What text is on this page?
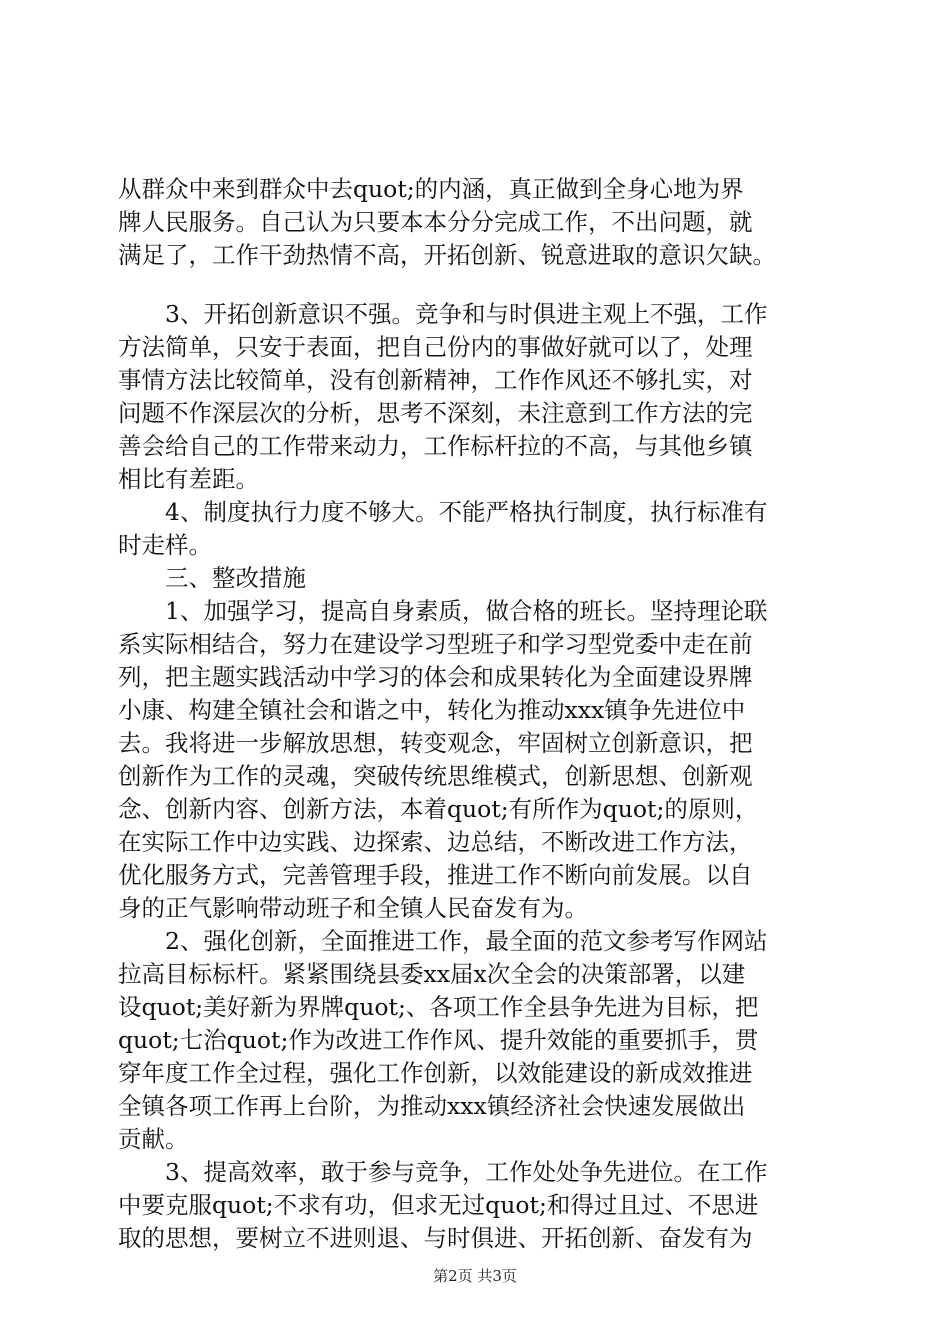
从群众中来到群众中去quot;的内涵，真正做到全身心地为界
牌人民服务。自己认为只要本本分分完成工作，不出问题，就
满足了，工作干劲热情不高，开拓创新、锐意进取的意识欠缺。
3、开拓创新意识不强。竞争和与时俱进主观上不强，工作
方法简单，只安于表面，把自己份内的事做好就可以了，处理
事情方法比较简单，没有创新精神，工作作风还不够扎实，对
问题不作深层次的分析，思考不深刻，未注意到工作方法的完
善会给自己的工作带来动力，工作标杆拉的不高，与其他乡镇
相比有差距。
4、制度执行力度不够大。不能严格执行制度，执行标准有
时走样。
三、整改措施
1、加强学习，提高自身素质，做合格的班长。坚持理论联
系实际相结合，努力在建设学习型班子和学习型党委中走在前
列，把主题实践活动中学习的体会和成果转化为全面建设界牌
小康、构建全镇社会和谐之中，转化为推动xxx镇争先进位中
去。我将进一步解放思想，转变观念，牢固树立创新意识，把
创新作为工作的灵魂，突破传统思维模式，创新思想、创新观
念、创新内容、创新方法，本着quot;有所作为quot;的原则，
在实际工作中边实践、边探索、边总结，不断改进工作方法，
优化服务方式，完善管理手段，推进工作不断向前发展。以自
身的正气影响带动班子和全镇人民奋发有为。
2、强化创新，全面推进工作，最全面的范文参考写作网站
拉高目标标杆。紧紧围绕县委xx届x次全会的决策部署，以建
设quot;美好新为界牌quot;、各项工作全县争先进为目标，把
quot;七治quot;作为改进工作作风、提升效能的重要抓手，贯
穿年度工作全过程，强化工作创新，以效能建设的新成效推进
全镇各项工作再上台阶，为推动xxx镇经济社会快速发展做出
贡献。
3、提高效率，敢于参与竞争，工作处处争先进位。在工作
中要克服quot;不求有功，但求无过quot;和得过且过、不思进
取的思想，要树立不进则退、与时俱进、开拓创新、奋发有为
第2页 共3页
